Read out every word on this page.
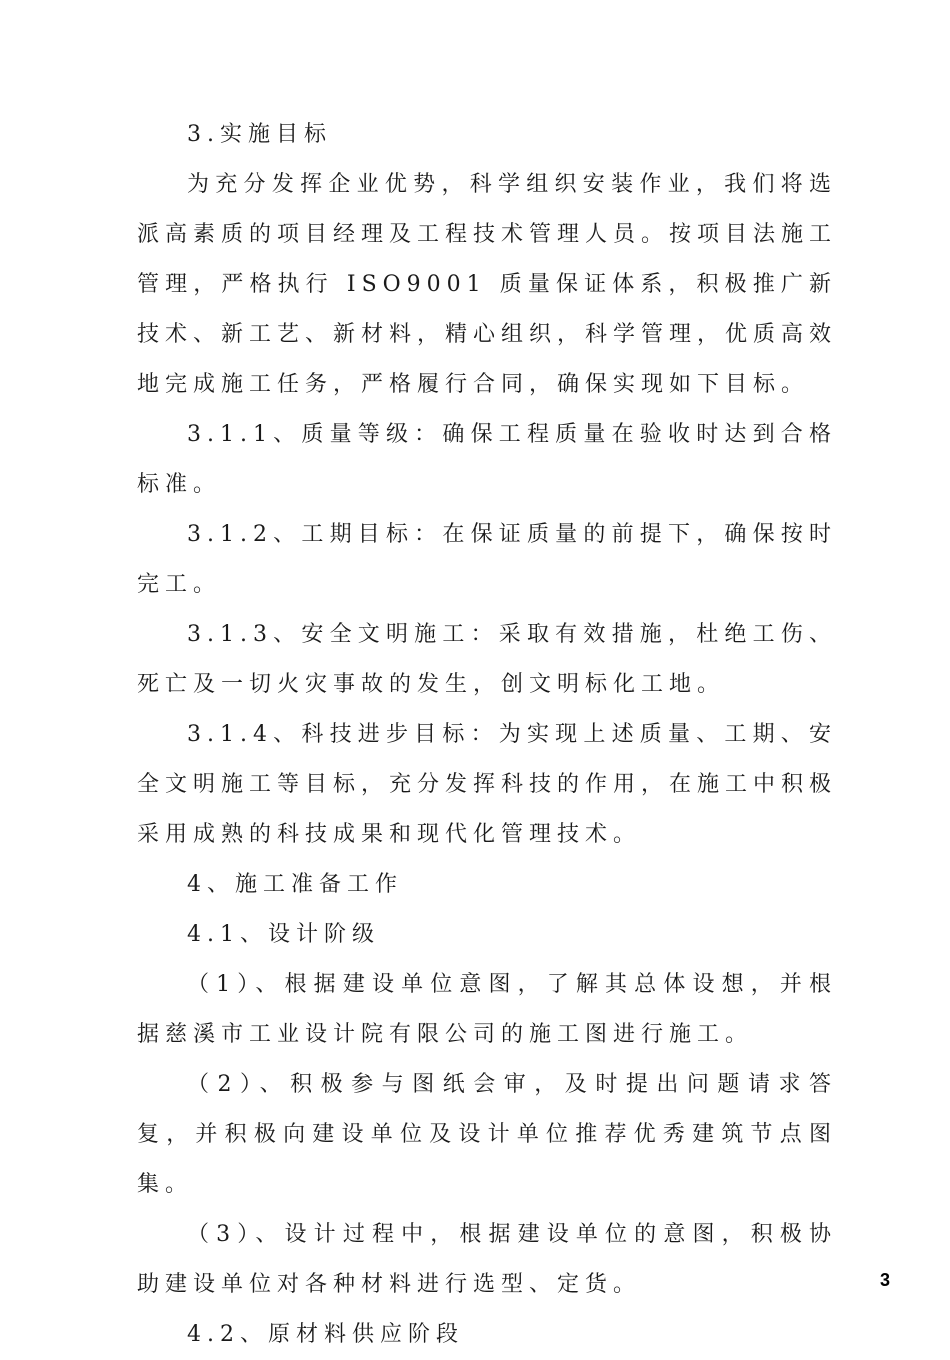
3.实施目标

为充分发挥企业优势，科学组织安装作业，我们将选派高素质的项目经理及工程技术管理人员。按项目法施工管理，严格执行 ISO9001 质量保证体系，积极推广新技术、新工艺、新材料，精心组织，科学管理，优质高效地完成施工任务，严格履行合同，确保实现如下目标。

3.1.1、质量等级：确保工程质量在验收时达到合格标准。

3.1.2、工期目标：在保证质量的前提下，确保按时完工。

3.1.3、安全文明施工：采取有效措施，杜绝工伤、死亡及一切火灾事故的发生，创文明标化工地。

3.1.4、科技进步目标：为实现上述质量、工期、安全文明施工等目标，充分发挥科技的作用，在施工中积极采用成熟的科技成果和现代化管理技术。

4、施工准备工作

4.1、设计阶级

（1）、根据建设单位意图，了解其总体设想，并根据慈溪市工业设计院有限公司的施工图进行施工。

（2）、积极参与图纸会审，及时提出问题请求答复，并积极向建设单位及设计单位推荐优秀建筑节点图集。

（3）、设计过程中，根据建设单位的意图，积极协助建设单位对各种材料进行选型、定货。

4.2、原材料供应阶段

3
